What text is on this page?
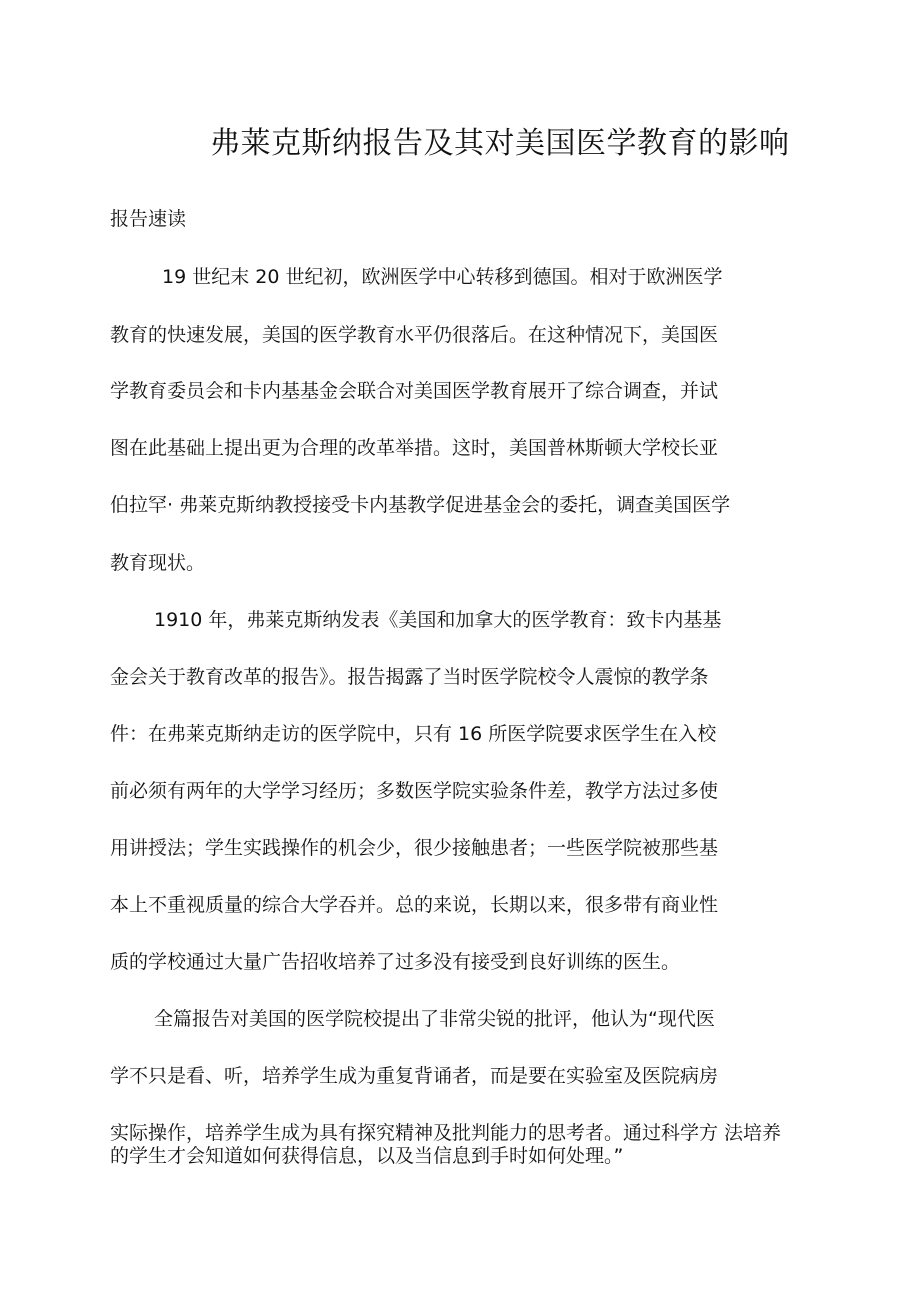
弗莱克斯纳报告及其对美国医学教育的影响

报告速读

19 世纪末 20 世纪初，欧洲医学中心转移到德国。相对于欧洲医学

教育的快速发展，美国的医学教育水平仍很落后。在这种情况下，美国医

学教育委员会和卡内基基金会联合对美国医学教育展开了综合调查，并试

图在此基础上提出更为合理的改革举措。这时，美国普林斯顿大学校长亚

伯拉罕· 弗莱克斯纳教授接受卡内基教学促进基金会的委托，调查美国医学

教育现状。

1910 年，弗莱克斯纳发表《美国和加拿大的医学教育：致卡内基基

金会关于教育改革的报告》。报告揭露了当时医学院校令人震惊的教学条

件：在弗莱克斯纳走访的医学院中，只有 16 所医学院要求医学生在入校

前必须有两年的大学学习经历；多数医学院实验条件差，教学方法过多使

用讲授法；学生实践操作的机会少，很少接触患者；一些医学院被那些基

本上不重视质量的综合大学吞并。总的来说，长期以来，很多带有商业性

质的学校通过大量广告招收培养了过多没有接受到良好训练的医生。

全篇报告对美国的医学院校提出了非常尖锐的批评，他认为“现代医

学不只是看、听，培养学生成为重复背诵者，而是要在实验室及医院病房

实际操作，培养学生成为具有探究精神及批判能力的思考者。通过科学方 法培养

的学生才会知道如何获得信息，以及当信息到手时如何处理。”
